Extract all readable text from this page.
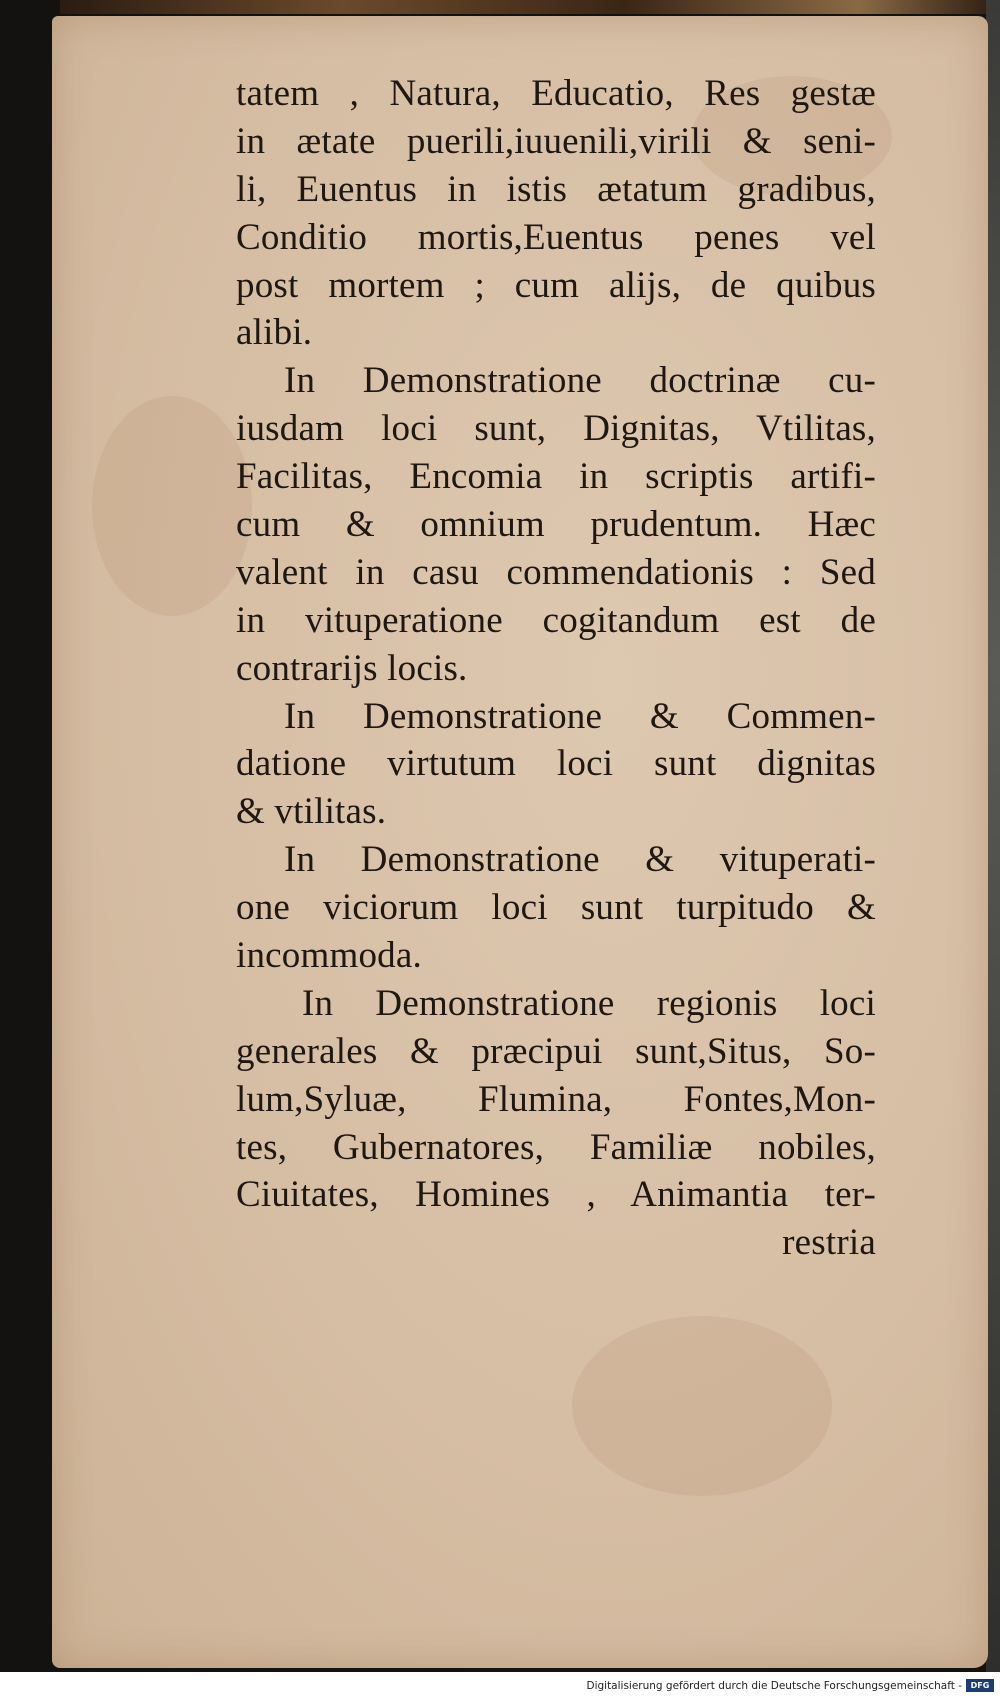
tatem , Natura, Educatio, Res gestæ
in ætate puerili,iuuenili,virili & seni-
li, Euentus in istis ætatum gradibus,
Conditio mortis,Euentus penes vel
post mortem ; cum alijs, de quibus
alibi.
In Demonstratione doctrinæ cu-
iusdam loci sunt, Dignitas, Vtilitas,
Facilitas, Encomia in scriptis artifi-
cum & omnium prudentum. Hæc
valent in casu commendationis : Sed
in vituperatione cogitandum est de
contrarijs locis.
In Demonstratione & Commen-
datione virtutum loci sunt dignitas
& vtilitas.
In Demonstratione & vituperati-
one viciorum loci sunt turpitudo &
incommoda.
In Demonstratione regionis loci
generales & præcipui sunt,Situs, So-
lum,Syluæ, Flumina, Fontes,Mon-
tes, Gubernatores, Familiæ nobiles,
Ciuitates, Homines , Animantia ter-
restria
Digitalisierung gefördert durch die Deutsche Forschungsgemeinschaft -	DFG
